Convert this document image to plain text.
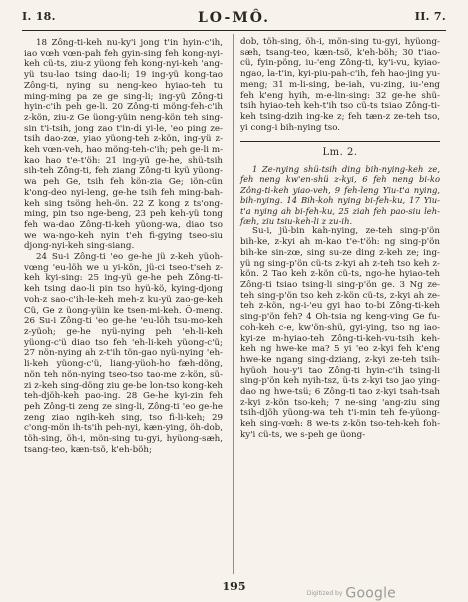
I. 18.	LO-MÔ.	II. 7.

18 Zông-ti-keh nu-ky'i jong t'in hyin-c'ih, iao vœh vœn-pah feh gyin-sing feh kong-nyi-keh cü-ts, ziu-z yüong feh kong-nyi-keh 'ang-yü tsu-lao tsing dao-li; 19 ing-yü kong-tao Zông-ti, nying su neng-keo hyiao-teh tu ming-ming pa ze ge sing-li; ing-yü Zông-ti hyin-c'ih peh ge-li. 20 Zông-ti möng-feh-c'ih z-kön, ziu-z Ge üong-yüin neng-kön teh sing-sin t'i-tsih, jong zao t'in-di yi-le, 'eo ping ze-tsih dao-zœ, yiao yüong-teh z-kön, ing-yü z-keh vœn-veh, hao möng-teh-c'ih; peh ge-li m-kao hao t'e-t'öh: 21 ing-yü ge-he, shü-tsih sih-teh Zông-ti, feh ziang Zông-ti kyü yüong-wa peh Ge, tsih feh kön-zia Ge; iön-cün k'ong-deo nyi-leng, ge-he tsih feh ming-bah-keh sing tsöng heh-ön. 22 Z kong z ts'ong-ming, pin tso nge-beng, 23 peh keh-yü tong feh wa-dao Zông-ti-keh yüong-wa, diao tso we wa-ngo-keh nyin t'eh fi-gying tseo-siu djong-nyi-keh sing-siang.

24 Su-i Zông-ti 'eo ge-he jü z-keh yüoh-vœng 'eu-löh we u yi-kön, jü-ci tseo-t'seh z-keh kyi-sing: 25 ing-yü ge-he peh Zông-ti-keh tsing dao-li pin tso hyü-kö, kying-djong voh-z sao-c'ih-le-keh meh-z ku-yü zao-ge-keh Cü, Ge z üong-yüin ke tsen-mi-keh. Ö-meng. 26 Su-i Zông-ti 'eo ge-he 'eu-löh tsu-mo-keh z-yüoh; ge-he nyü-nying peh 'eh-li-keh yüong-c'ü diao tso feh 'eh-li-keh yüong-c'ü; 27 nön-nying ah z-t'ih tön-gao nyü-nying 'eh-li-keh yüong-c'ü, liang-yüoh-ho fæh-döng, nön teh nön-nying tseo-tso tao-me z-kön, sü-zi z-keh sing-döng ziu ge-be lon-tso kong-keh teh-djöh-keh pao-ing. 28 Ge-he kyi-zin feh peh Zông-ti zeng ze sing-li, Zông-ti 'eo ge-he zeng ziao ngih-keh sing, tso fi-li-keh; 29 c'ong-mön ih-ts'ih peh-nyi, kæn-ying, öh-dob, töh-sing, öh-i, mön-sing tu-gyi, hyüong-sæh, tsang-teo, kæn-tsö, k'eh-böh;

dob, töh-sing, öh-i, mön-sing tu-gyi, hyüong-sæh, tsang-teo, kæn-tsö, k'eh-böh; 30 t'iao-cü, fyin-pöng, iu-'eng Zông-ti, ky'i-vu, kyiao-ngao, la-t'in, kyi-piu-pah-c'ih, feh hao-jing yu-meng; 31 m-li-sing, be-iah, vu-zing, iu-'eng feh k'eng hyih, m-e-lin-sing: 32 ge-he shü-tsih hyiao-teh keh-t'ih tso cü-ts tsiao Zông-ti-keh tsing-dzih ing-ke z; feh tæn-z ze-teh tso, yi cong-i bih-nying tso.

Lm. 2.

1 Ze-nying shü-tsih ding bih-nying-keh ze, feh neng kw'en-shü z-kyi, 6 feh neng bi-ko Zông-ti-keh yiao-veh, 9 feh-leng Yiu-t'a nying, bih-nying. 14 Bih-koh nying bi-feh-ku, 17 Yiu-t'a nying ah bi-feh-ku, 25 ziah feh pao-siu leh-fæh, ziu tsiu-keh-li z zu-ih.

Su-i, jü-bin kah-nying, ze-teh sing-p'ön bih-ke, z-kyi ah m-kao t'e-t'öh: ng sing-p'ön bih-ke sin-zœ, sing su-ze ding z-keh ze; ing-yü ng sing-p'ön cü-ts z-kyi ah z-teh tso keh z-kön. 2 Tao keh z-kön cü-ts, ngo-he hyiao-teh Zông-ti tsiao tsing-li sing-p'ön ge. 3 Ng ze-teh sing-p'ön tso keh z-kön cü-ts, z-kyi ah ze-teh z-kön, ng-i-'eu gyi hao to-bi Zông-ti-keh sing-p'ön feh? 4 Oh-tsia ng keng-ving Ge fu-coh-keh c-e, kw'ön-shü, gyi-ying, tso ng iao-kyi-ze m-hyiao-teh Zông-ti-keh-vu-tsih keh-keh ng hwe-ke ma? 5 yi 'eo z-kyi feh k'eng hwe-ke ngang sing-dziang, z-kyi ze-teh tsih-hyüoh hou-y'i tao Zông-ti hyin-c'ih tsing-li sing-p'ön keh nyih-tsz, ü-ts z-kyi tso jao ying-dao ng hwe-tsü; 6 Zông-ti tao z-kyi tsah-tsah z-kyi z-kön tso-keh; 7 ne-sing 'ang-ziu sing tsih-djöh yüong-wa teh t'i-min teh fe-yüong-keh sing-vœh: 8 we-ts z-kön tso-teh-keh foh-ky'i cü-ts, we s-peh ge üong-

195
Digitized by Google
